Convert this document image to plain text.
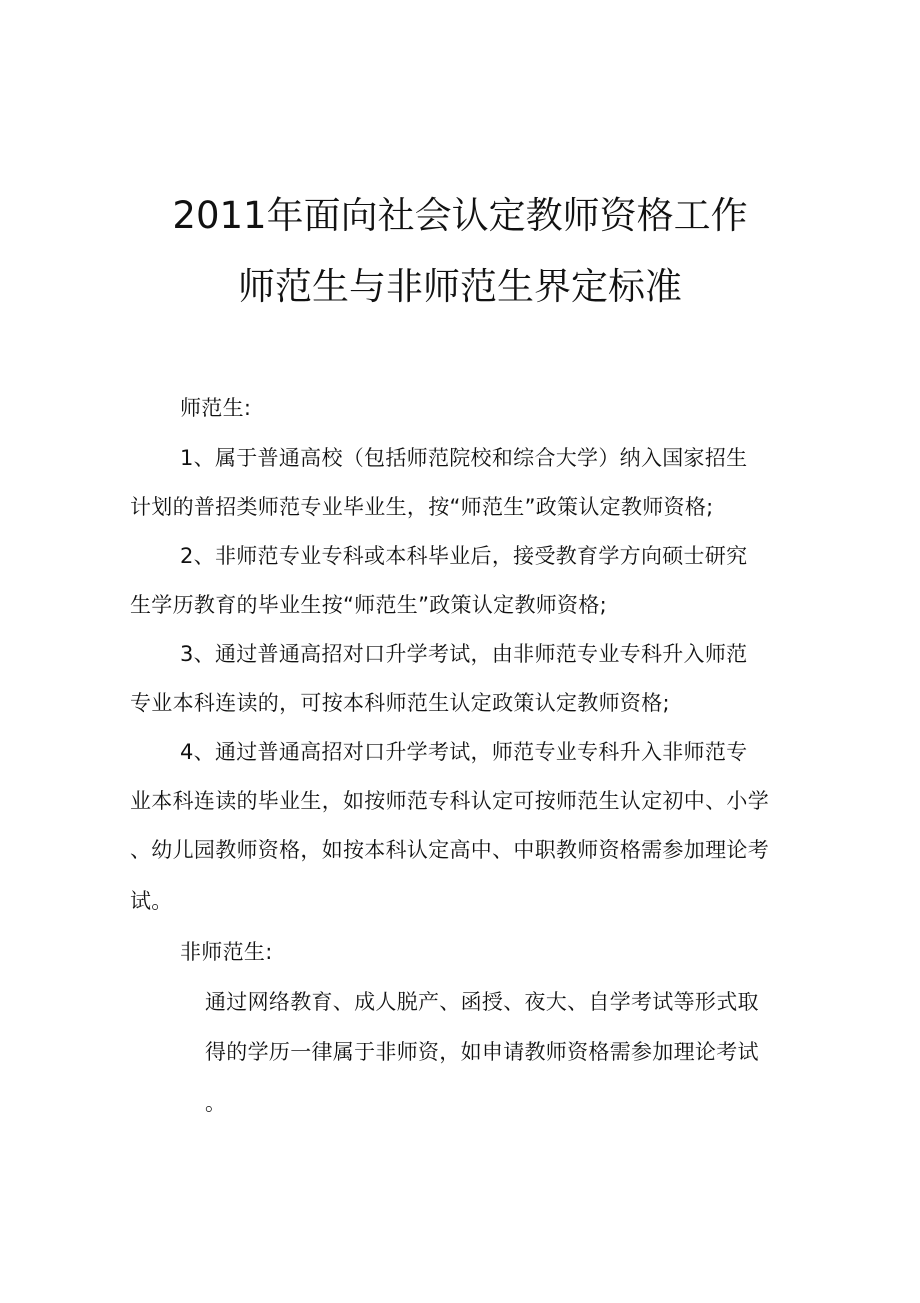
2011年面向社会认定教师资格工作
师范生与非师范生界定标准
师范生:
1、属于普通高校（包括师范院校和综合大学）纳入国家招生
计划的普招类师范专业毕业生，按“师范生”政策认定教师资格;
2、非师范专业专科或本科毕业后，接受教育学方向硕士研究
生学历教育的毕业生按“师范生”政策认定教师资格;
3、通过普通高招对口升学考试，由非师范专业专科升入师范
专业本科连读的，可按本科师范生认定政策认定教师资格;
4、通过普通高招对口升学考试，师范专业专科升入非师范专
业本科连读的毕业生，如按师范专科认定可按师范生认定初中、小学
、幼儿园教师资格，如按本科认定高中、中职教师资格需参加理论考
试。
非师范生:
通过网络教育、成人脱产、函授、夜大、自学考试等形式取
得的学历一律属于非师资，如申请教师资格需参加理论考试
。
